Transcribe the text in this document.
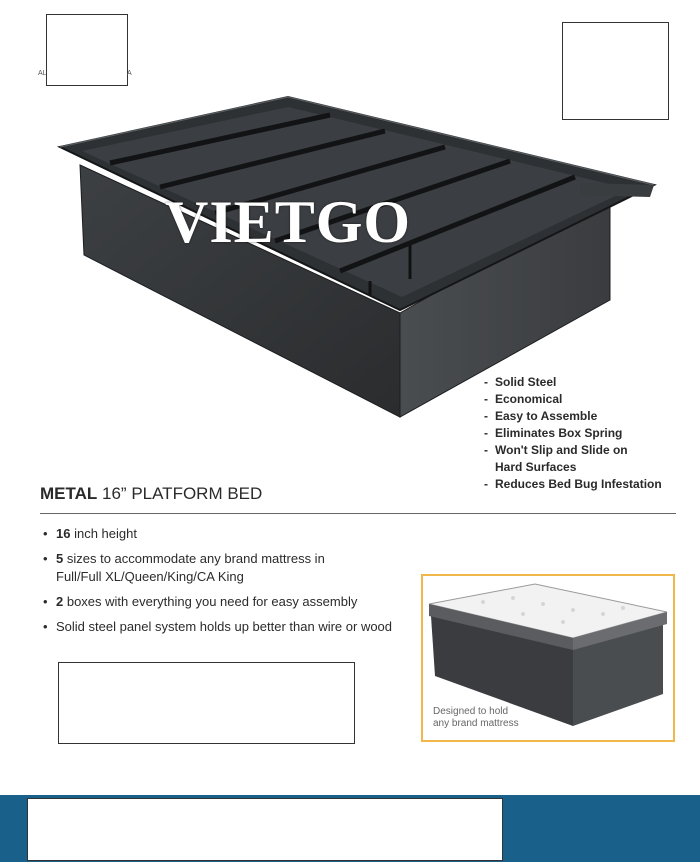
AL	A
VIETGO
- Solid Steel
- Economical
- Easy to Assemble
- Eliminates Box Spring
- Won't Slip and Slide on
Hard Surfaces
- Reduces Bed Bug Infestation
METAL 16” PLATFORM BED
• 16 inch height
• 5 sizes to accommodate any brand mattress in
Full/Full XL/Queen/King/CA King
• 2 boxes with everything you need for easy assembly
• Solid steel panel system holds up better than wire or wood
Designed to hold
any brand mattress
